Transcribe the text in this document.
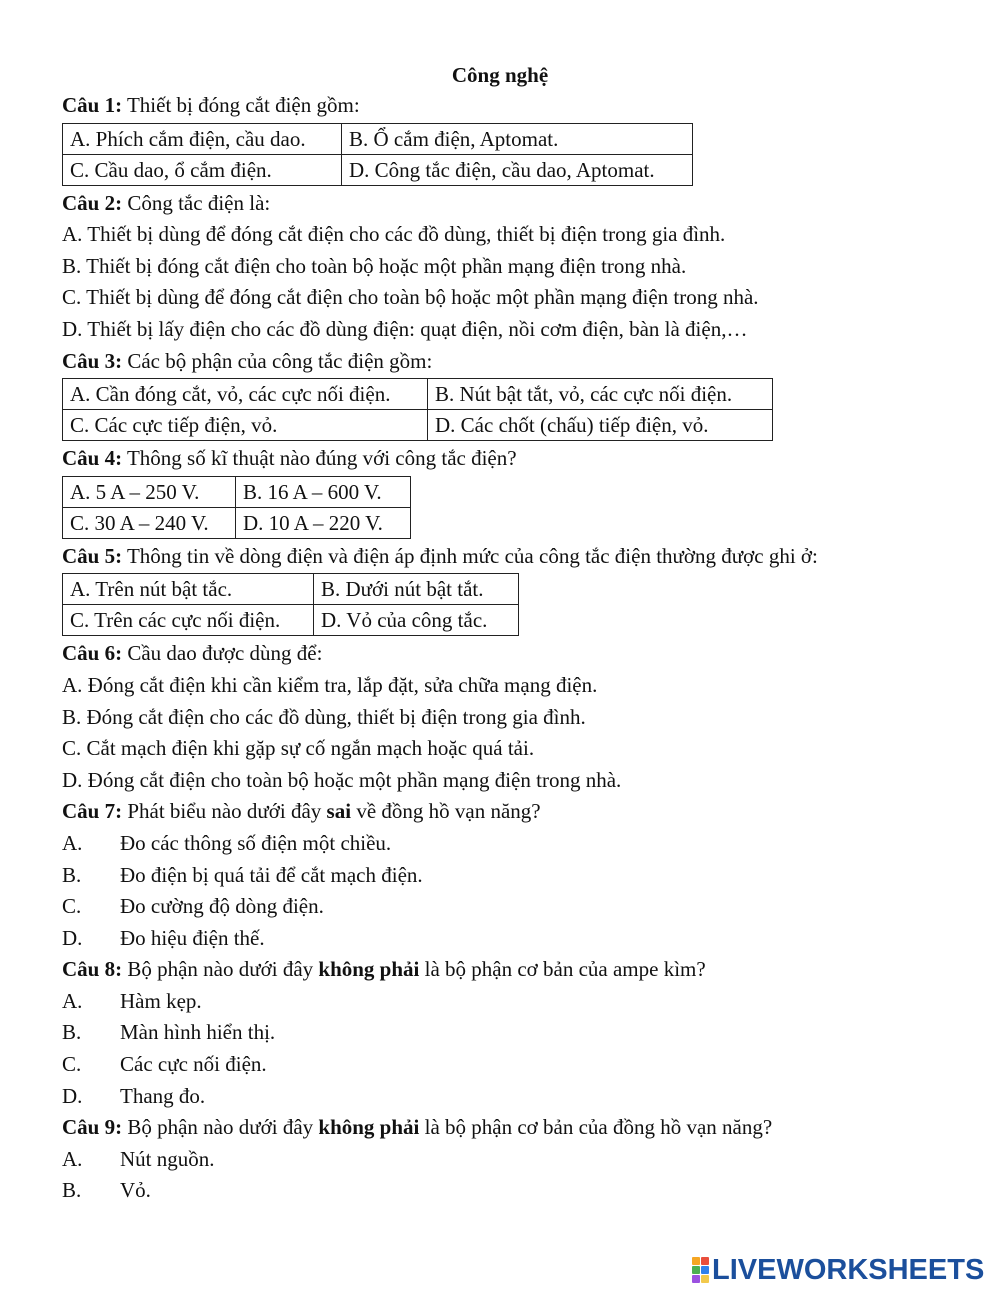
Công nghệ
Câu 1: Thiết bị đóng cắt điện gồm:
A. Phích cắm điện, cầu dao.	B. Ổ cắm điện, Aptomat.
C. Cầu dao, ổ cắm điện.	D. Công tắc điện, cầu dao, Aptomat.
Câu 2: Công tắc điện là:
A. Thiết bị dùng để đóng cắt điện cho các đồ dùng, thiết bị điện trong gia đình.
B. Thiết bị đóng cắt điện cho toàn bộ hoặc một phần mạng điện trong nhà.
C. Thiết bị dùng để đóng cắt điện cho toàn bộ hoặc một phần mạng điện trong nhà.
D. Thiết bị lấy điện cho các đồ dùng điện: quạt điện, nồi cơm điện, bàn là điện,…
Câu 3: Các bộ phận của công tắc điện gồm:
A. Cần đóng cắt, vỏ, các cực nối điện.	B. Nút bật tắt, vỏ, các cực nối điện.
C. Các cực tiếp điện, vỏ.	D. Các chốt (chấu) tiếp điện, vỏ.
Câu 4: Thông số kĩ thuật nào đúng với công tắc điện?
A. 5 A – 250 V.	B. 16 A – 600 V.
C. 30 A – 240 V.	D. 10 A – 220 V.
Câu 5: Thông tin về dòng điện và điện áp định mức của công tắc điện thường được ghi ở:
A. Trên nút bật tắc.	B. Dưới nút bật tắt.
C. Trên các cực nối điện.	D. Vỏ của công tắc.
Câu 6: Cầu dao được dùng để:
A. Đóng cắt điện khi cần kiểm tra, lắp đặt, sửa chữa mạng điện.
B. Đóng cắt điện cho các đồ dùng, thiết bị điện trong gia đình.
C. Cắt mạch điện khi gặp sự cố ngắn mạch hoặc quá tải.
D. Đóng cắt điện cho toàn bộ hoặc một phần mạng điện trong nhà.
Câu 7: Phát biểu nào dưới đây sai về đồng hồ vạn năng?
A. Đo các thông số điện một chiều.
B. Đo điện bị quá tải để cắt mạch điện.
C. Đo cường độ dòng điện.
D. Đo hiệu điện thế.
Câu 8: Bộ phận nào dưới đây không phải là bộ phận cơ bản của ampe kìm?
A. Hàm kẹp.
B. Màn hình hiển thị.
C. Các cực nối điện.
D. Thang đo.
Câu 9: Bộ phận nào dưới đây không phải là bộ phận cơ bản của đồng hồ vạn năng?
A. Nút nguồn.
B. Vỏ.
LIVEWORKSHEETS
